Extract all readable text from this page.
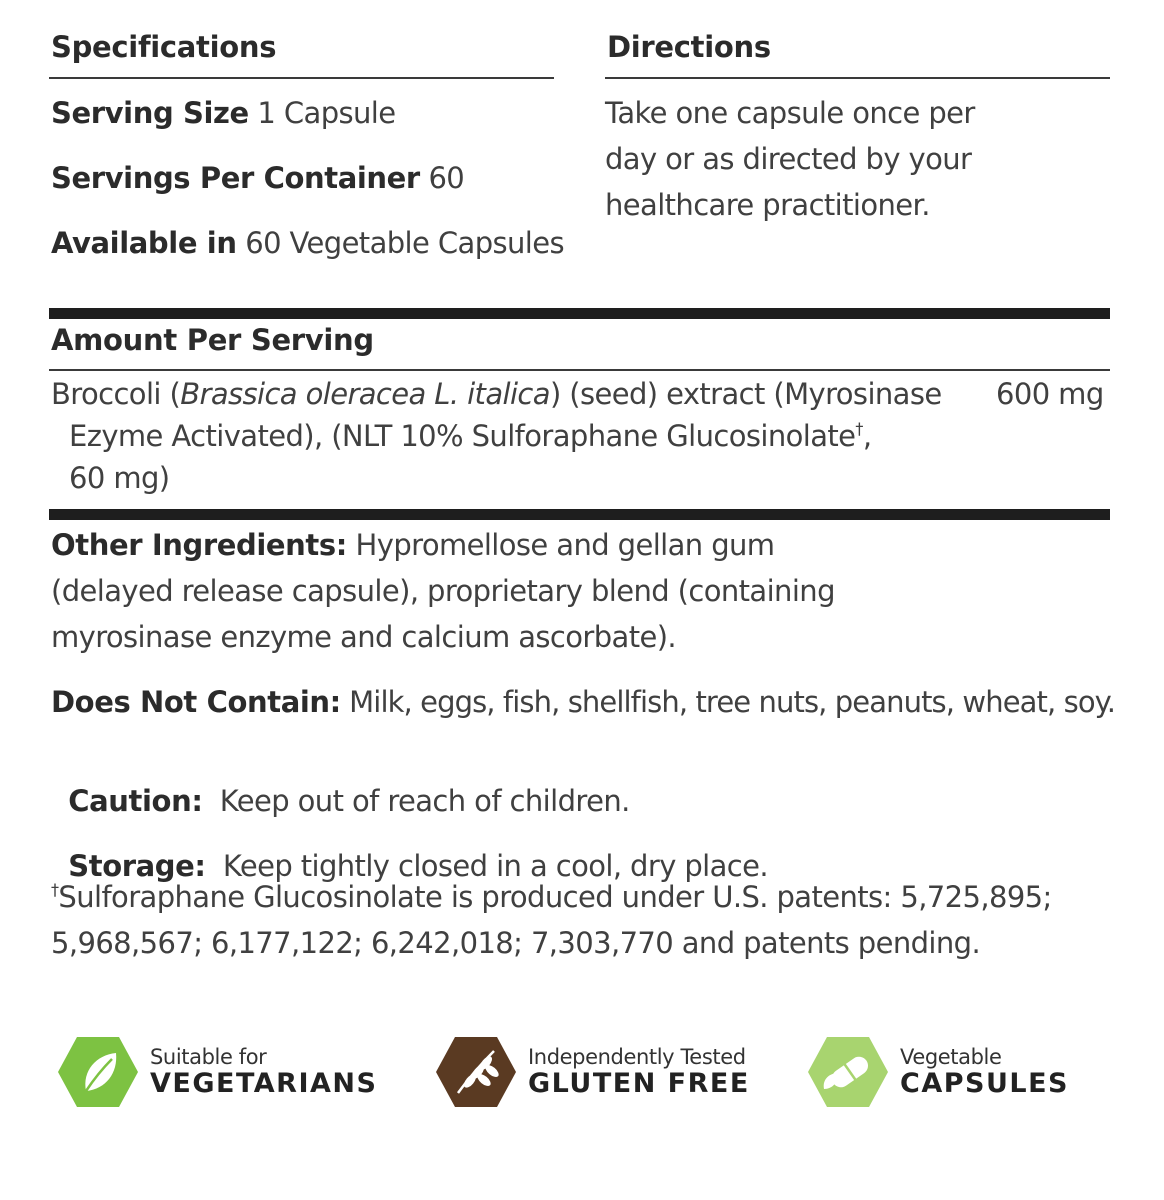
Specifications
Serving Size 1 Capsule
Servings Per Container 60
Available in 60 Vegetable Capsules
Directions
Take one capsule once per
day or as directed by your
healthcare practitioner.
Amount Per Serving
Broccoli (Brassica oleracea L. italica) (seed) extract (Myrosinase 600 mg
Ezyme Activated), (NLT 10% Sulforaphane Glucosinolate†,
60 mg)
Other Ingredients: Hypromellose and gellan gum
(delayed release capsule), proprietary blend (containing
myrosinase enzyme and calcium ascorbate).
Does Not Contain: Milk, eggs, fish, shellfish, tree nuts, peanuts, wheat, soy.

Caution:  Keep out of reach of children.

Storage:  Keep tightly closed in a cool, dry place.

†Sulforaphane Glucosinolate is produced under U.S. patents: 5,725,895;
5,968,567; 6,177,122; 6,242,018; 7,303,770 and patents pending.
Suitable for
VEGETARIANS
Independently Tested
GLUTEN FREE
Vegetable
CAPSULES
